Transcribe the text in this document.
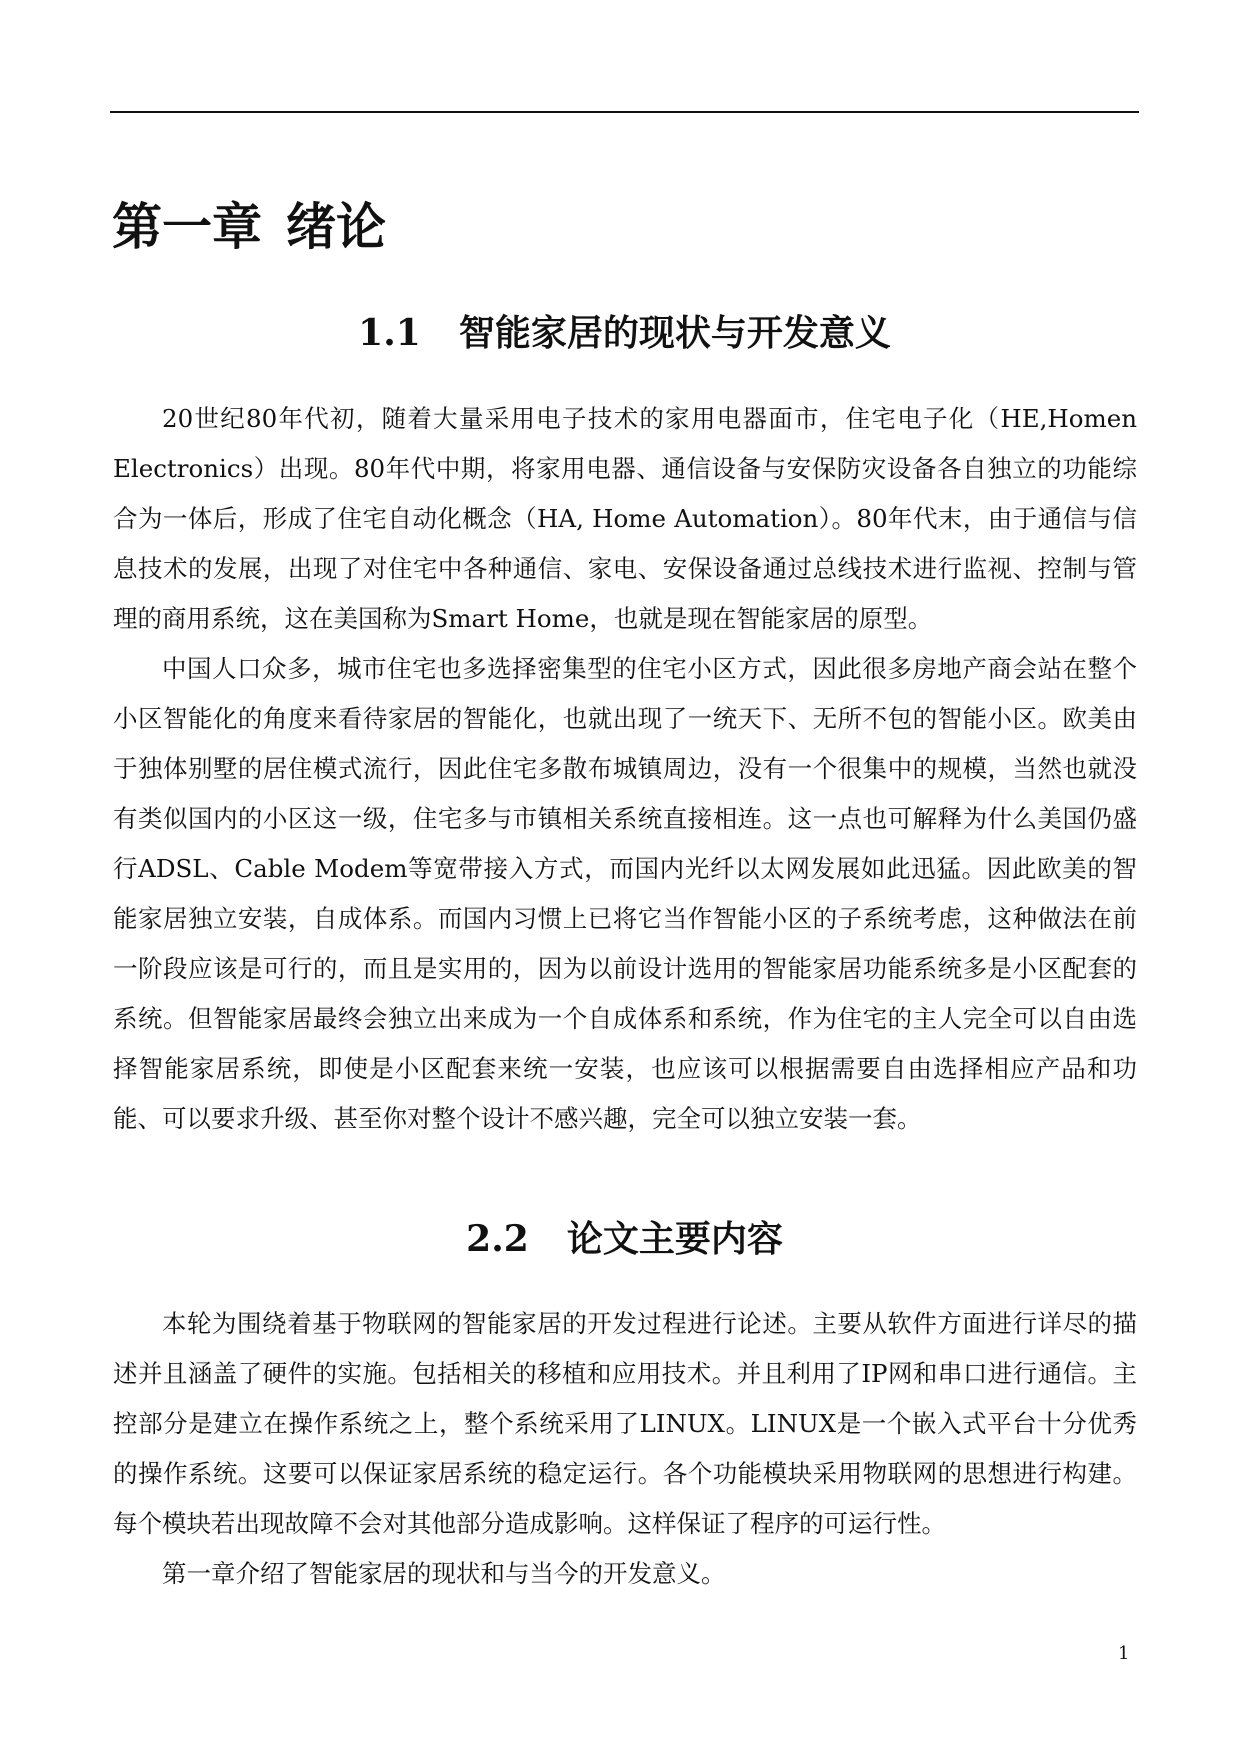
第一章 绪论
1.1 智能家居的现状与开发意义

20世纪80年代初，随着大量采用电子技术的家用电器面市，住宅电子化（HE,Homen Electronics）出现。80年代中期，将家用电器、通信设备与安保防灾设备各自独立的功能综合为一体后，形成了住宅自动化概念（HA, Home Automation）。80年代末，由于通信与信息技术的发展，出现了对住宅中各种通信、家电、安保设备通过总线技术进行监视、控制与管理的商用系统，这在美国称为Smart Home，也就是现在智能家居的原型。

中国人口众多，城市住宅也多选择密集型的住宅小区方式，因此很多房地产商会站在整个小区智能化的角度来看待家居的智能化，也就出现了一统天下、无所不包的智能小区。欧美由于独体别墅的居住模式流行，因此住宅多散布城镇周边，没有一个很集中的规模，当然也就没有类似国内的小区这一级，住宅多与市镇相关系统直接相连。这一点也可解释为什么美国仍盛行ADSL、Cable Modem等宽带接入方式，而国内光纤以太网发展如此迅猛。因此欧美的智能家居独立安装，自成体系。而国内习惯上已将它当作智能小区的子系统考虑，这种做法在前一阶段应该是可行的，而且是实用的，因为以前设计选用的智能家居功能系统多是小区配套的系统。但智能家居最终会独立出来成为一个自成体系和系统，作为住宅的主人完全可以自由选择智能家居系统，即使是小区配套来统一安装，也应该可以根据需要自由选择相应产品和功能、可以要求升级、甚至你对整个设计不感兴趣，完全可以独立安装一套。

2.2 论文主要内容

本轮为围绕着基于物联网的智能家居的开发过程进行论述。主要从软件方面进行详尽的描述并且涵盖了硬件的实施。包括相关的移植和应用技术。并且利用了IP网和串口进行通信。主控部分是建立在操作系统之上，整个系统采用了LINUX。LINUX是一个嵌入式平台十分优秀的操作系统。这要可以保证家居系统的稳定运行。各个功能模块采用物联网的思想进行构建。每个模块若出现故障不会对其他部分造成影响。这样保证了程序的可运行性。

第一章介绍了智能家居的现状和与当今的开发意义。

1
